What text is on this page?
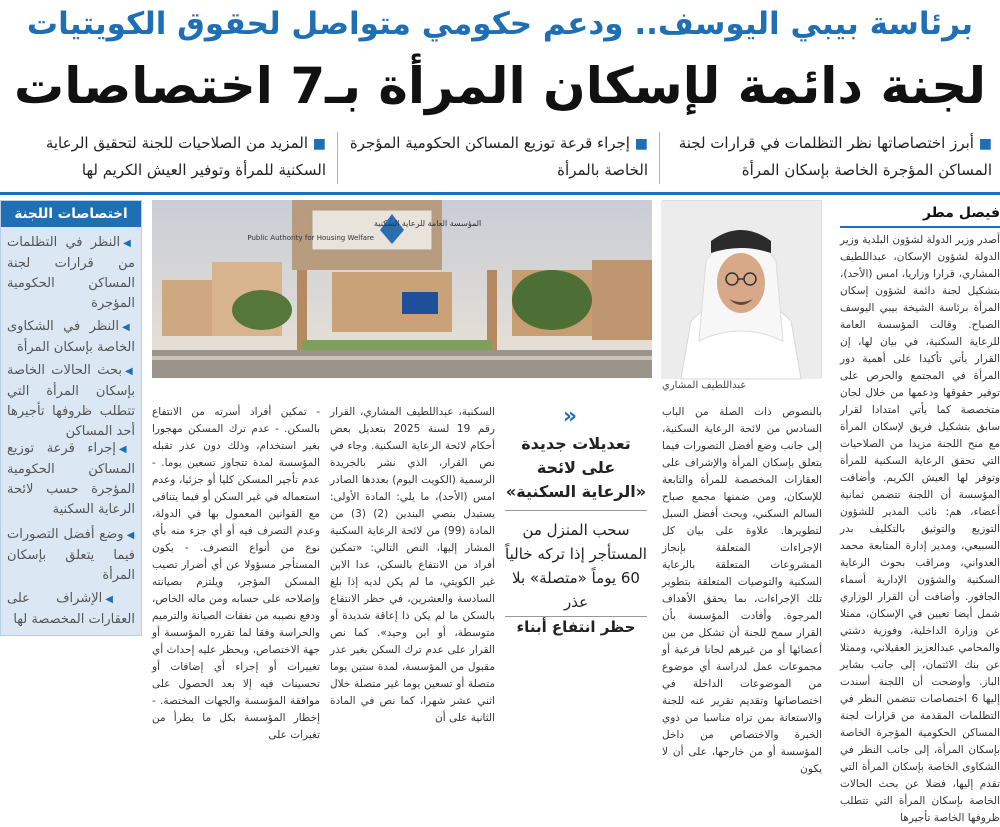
برئاسة بيبي اليوسف.. ودعم حكومي متواصل لحقوق الكويتيات
لجنة دائمة لإسكان المرأة بـ7 اختصاصات
■ أبرز اختصاصاتها نظر التظلمات في قرارات لجنة المساكن المؤجرة الخاصة بإسكان المرأة
■ إجراء قرعة توزيع المساكن الحكومية المؤجرة الخاصة بالمرأة
■ المزيد من الصلاحيات للجنة لتحقيق الرعاية السكنية للمرأة وتوفير العيش الكريم لها
فيصل مطر
أصدر وزير الدولة لشؤون البلدية وزير الدولة لشؤون الإسكان، عبداللطيف المشاري، قرارا وزاريا، امس (الأحد)، بتشكيل لجنة دائمة لشؤون إسكان المرأة برئاسة الشيخة بيبي اليوسف الصباح. وقالت المؤسسة العامة للرعاية السكنية، في بيان لها، إن القرار يأتي تأكيدا على أهمية دور المرأة في المجتمع والحرص على توفير حقوقها ودعمها من خلال لجان متخصصة كما يأتي امتدادا لقرار سابق بتشكيل فريق لإسكان المرأة مع منح اللجنة مزيدا من الصلاحيات التي تحقق الرعاية السكنية للمرأة وتوفر لها العيش الكريم. وأضافت المؤسسة أن اللجنة تتضمن ثمانية أعضاء، هم: نائب المدير للشؤون التوزيع والتوثيق بالتكليف بدر السبيعي، ومدير إدارة المتابعة محمد العدواني، ومراقب بحوث الرعاية السكنية والشؤون الإدارية أسماء الجافور. وأضافت أن القرار الوزاري شمل أيضا تعيين في الإسكان، ممثلا عن وزارة الداخلية، وفوزية دشتي والمحامي عبدالعزيز العقيلاني، وممثلا عن بنك الائتمان، إلى جانب بشاير الباز. وأوضحت أن اللجنة أسندت إليها 6 اختصاصات تتضمن النظر في التظلمات المقدمة من قرارات لجنة المساكن الحكومية المؤجرة الخاصة بإسكان المرأة، إلى جانب النظر في الشكاوى الخاصة بإسكان المرأة التي تقدم إليها، فضلا عن بحث الحالات الخاصة بإسكان المرأة التي تتطلب ظروفها الخاصة تأجيرها
عبداللطيف المشاري
المؤسسة العامة للرعاية السكنية
Public Authority for Housing Welfare
بالنصوص ذات الصلة من الباب السادس من لائحة الرعاية السكنية، إلى جانب وضع أفضل التصورات فيما يتعلق بإسكان المرأة والإشراف على العقارات المخصصة للمرأة والتابعة للإسكان، ومن ضمنها مجمع صباح السالم السكني، وبحث أفضل السبل لتطويرها. علاوة على بيان كل الإجراءات المتعلقة بإنجاز المشروعات المتعلقة بالرعاية السكنية والتوصيات المتعلقة بتطوير تلك الإجراءات، بما يحقق الأهداف المرجوة. وأفادت المؤسسة بأن القرار سمح للجنة أن تشكل من بين أعضائها أو من غيرهم لجانا فرعية أو مجموعات عمل لدراسة أي موضوع من الموضوعات الداخلة في اختصاصاتها وتقديم تقرير عنه للجنة والاستعانة بمن تراه مناسبا من ذوي الخبرة والاختصاص من داخل المؤسسة أو من خارجها، على أن لا يكون
«
تعديلات جديدة على لائحة «الرعاية السكنية»
سحب المنزل من المستأجر إذا تركه خالياً 60 يوماً «متصلة» بلا عذر
حظر انتفاع أبناء
السكنية، عبداللطيف المشاري، القرار رقم 19 لسنة 2025 بتعديل بعض أحكام لائحة الرعاية السكنية. وجاء في نص القرار، الذي نشر بالجريدة الرسمية (الكويت اليوم) بعددها الصادر امس (الأحد)، ما يلي: المادة الأولى: يستبدل بنصي البندين (2) (3) من المادة (99) من لائحة الرعاية السكنية المشار إليها، النص التالي: «تمكين أفراد من الانتفاع بالسكن، عدا الابن غير الكويتي، ما لم يكن لديه إذا بلغ السادسة والعشرين، في حظر الانتفاع بالسكن ما لم يكن ذا إعاقة شديدة أو متوسطة، أو ابن وحيد». كما نص القرار على عدم ترك السكن بغير عذر مقبول من المؤسسة، لمدة ستين يوما متصلة أو تسعين يوما غير متصلة خلال اثني عشر شهرا، كما نص في المادة الثانية على أن
- تمكين أفراد أسرته من الانتفاع بالسكن. - عدم ترك المسكن مهجورا بغير استخدام، وذلك دون عذر تقبله المؤسسة لمدة تتجاوز تسعين يوما. - عدم تأجير المسكن كليا أو جزئيا، وعدم استعماله في غير السكن أو فيما يتنافى مع القوانين المعمول بها في الدولة، وعدم التصرف فيه أو أي جزء منه بأي نوع من أنواع التصرف. - يكون المستأجر مسؤولا عن أي أضرار تصيب المسكن المؤجر، ويلتزم بصيانته وإصلاحه على حسابه ومن ماله الخاص، ودفع نصيبه من نفقات الصيانة والترميم والحراسة وفقا لما تقرره المؤسسة أو جهة الاختصاص، وبحظر عليه إحداث أي تغييرات أو إجراء أي إضافات أو تحسينات فيه إلا بعد الحصول على موافقة المؤسسة والجهات المختصة. - إخطار المؤسسة بكل ما يطرأ من تغيرات على
اختصاصات اللجنة
◀النظر في التظلمات من قرارات لجنة المساكن الحكومية المؤجرة
◀النظر في الشكاوى الخاصة بإسكان المرأة
◀بحث الحالات الخاصة بإسكان المرأة التي تتطلب ظروفها تأجيرها أحد المساكن
◀إجراء قرعة توزيع المساكن الحكومية المؤجرة حسب لائحة الرعاية السكنية
◀وضع أفضل التصورات فيما يتعلق بإسكان المرأة
◀الإشراف على العقارات المخصصة لها
